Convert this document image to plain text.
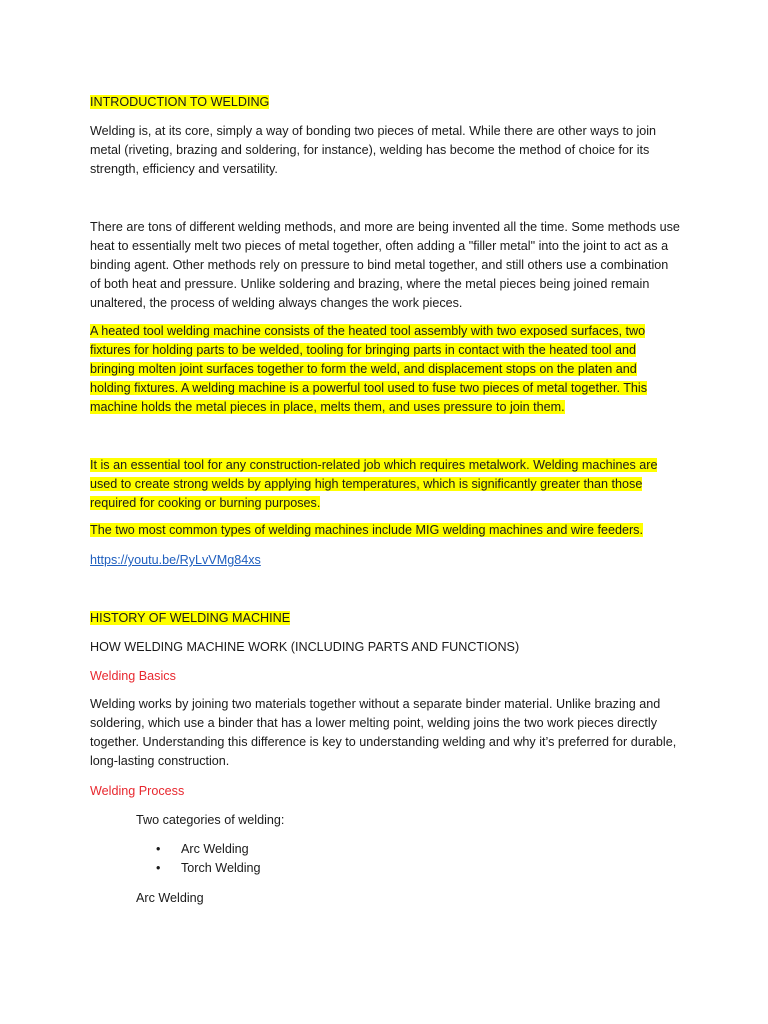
INTRODUCTION TO WELDING

Welding is, at its core, simply a way of bonding two pieces of metal. While there are other ways to join metal (riveting, brazing and soldering, for instance), welding has become the method of choice for its strength, efficiency and versatility.

There are tons of different welding methods, and more are being invented all the time. Some methods use heat to essentially melt two pieces of metal together, often adding a "filler metal" into the joint to act as a binding agent. Other methods rely on pressure to bind metal together, and still others use a combination of both heat and pressure. Unlike soldering and brazing, where the metal pieces being joined remain unaltered, the process of welding always changes the work pieces.

A heated tool welding machine consists of the heated tool assembly with two exposed surfaces, two fixtures for holding parts to be welded, tooling for bringing parts in contact with the heated tool and bringing molten joint surfaces together to form the weld, and displacement stops on the platen and holding fixtures. A welding machine is a powerful tool used to fuse two pieces of metal together. This machine holds the metal pieces in place, melts them, and uses pressure to join them.

It is an essential tool for any construction-related job which requires metalwork. Welding machines are used to create strong welds by applying high temperatures, which is significantly greater than those required for cooking or burning purposes.

The two most common types of welding machines include MIG welding machines and wire feeders.

https://youtu.be/RyLvVMg84xs

HISTORY OF WELDING MACHINE

HOW WELDING MACHINE WORK (INCLUDING PARTS AND FUNCTIONS)

Welding Basics

Welding works by joining two materials together without a separate binder material. Unlike brazing and soldering, which use a binder that has a lower melting point, welding joins the two work pieces directly together. Understanding this difference is key to understanding welding and why it’s preferred for durable, long-lasting construction.

Welding Process

Two categories of welding:

• Arc Welding
• Torch Welding

Arc Welding
